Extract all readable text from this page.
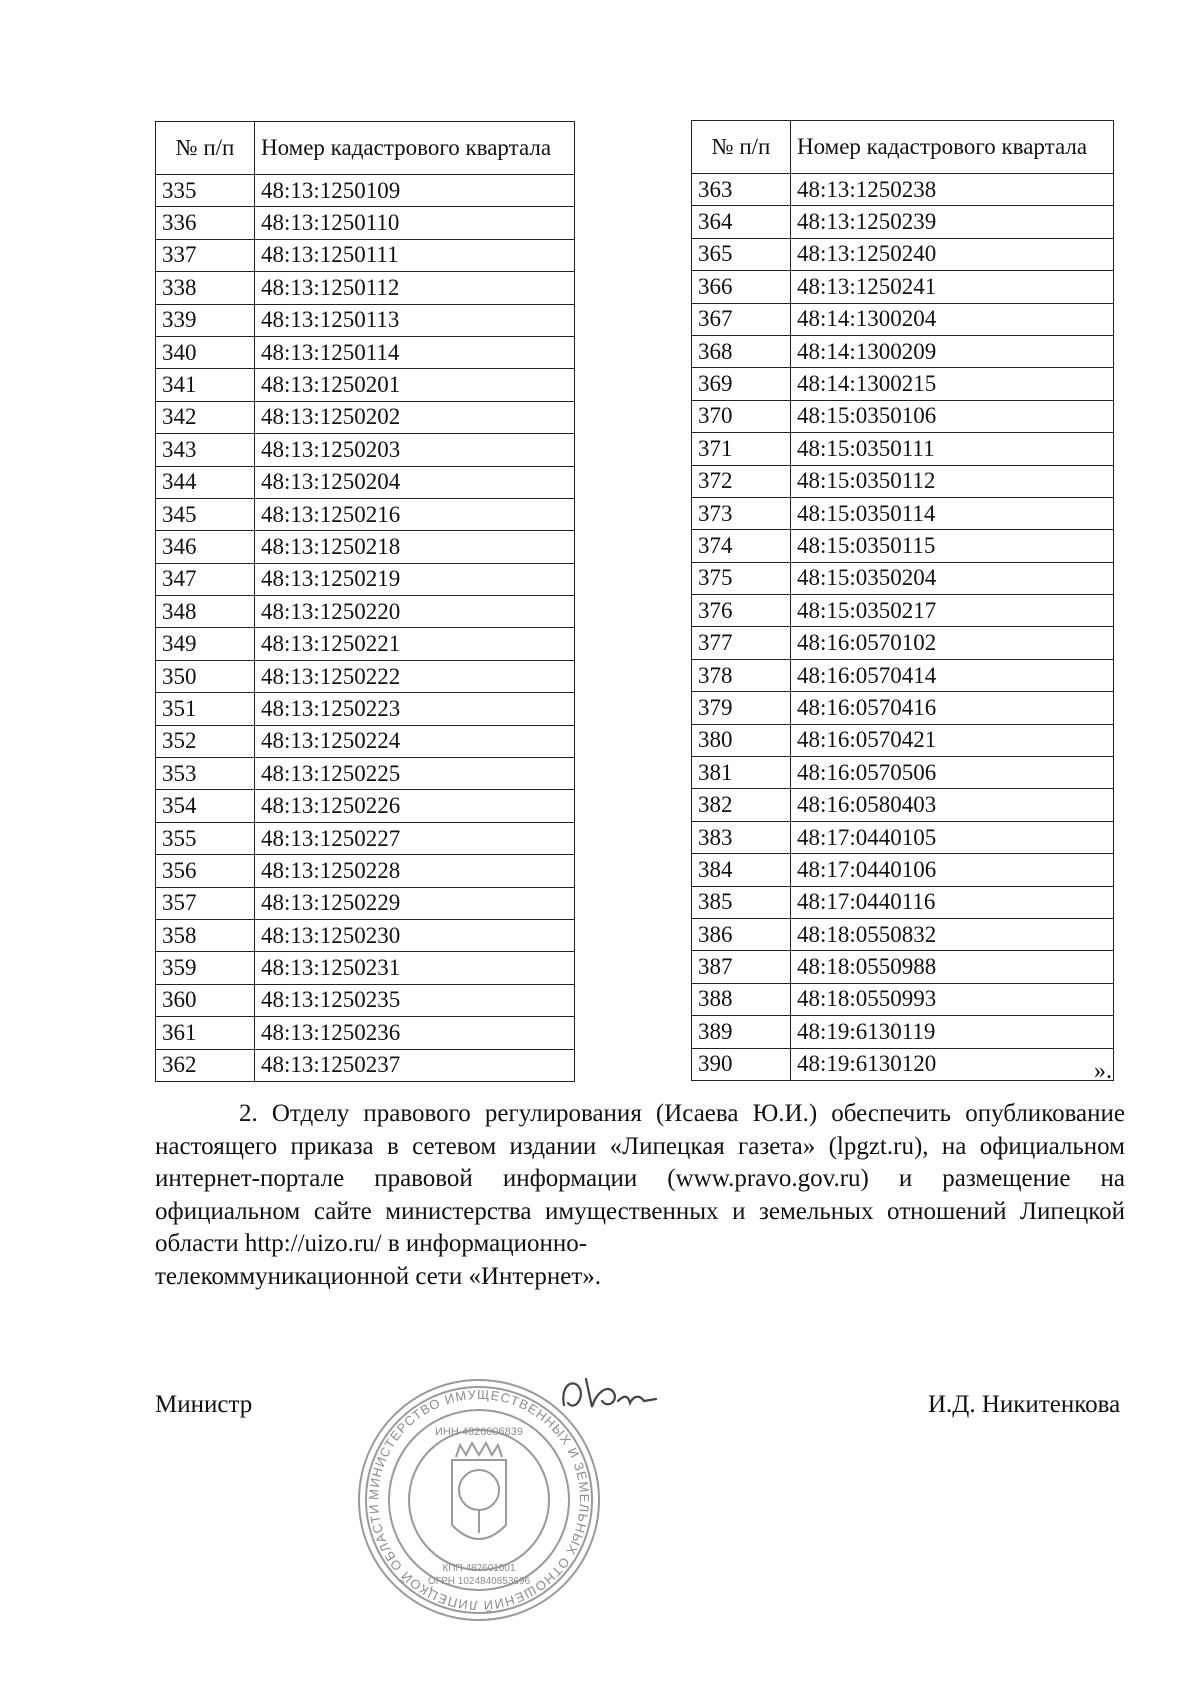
№ п/п	Номер кадастрового квартала
335	48:13:1250109
336	48:13:1250110
337	48:13:1250111
338	48:13:1250112
339	48:13:1250113
340	48:13:1250114
341	48:13:1250201
342	48:13:1250202
343	48:13:1250203
344	48:13:1250204
345	48:13:1250216
346	48:13:1250218
347	48:13:1250219
348	48:13:1250220
349	48:13:1250221
350	48:13:1250222
351	48:13:1250223
352	48:13:1250224
353	48:13:1250225
354	48:13:1250226
355	48:13:1250227
356	48:13:1250228
357	48:13:1250229
358	48:13:1250230
359	48:13:1250231
360	48:13:1250235
361	48:13:1250236
362	48:13:1250237
№ п/п	Номер кадастрового квартала
363	48:13:1250238
364	48:13:1250239
365	48:13:1250240
366	48:13:1250241
367	48:14:1300204
368	48:14:1300209
369	48:14:1300215
370	48:15:0350106
371	48:15:0350111
372	48:15:0350112
373	48:15:0350114
374	48:15:0350115
375	48:15:0350204
376	48:15:0350217
377	48:16:0570102
378	48:16:0570414
379	48:16:0570416
380	48:16:0570421
381	48:16:0570506
382	48:16:0580403
383	48:17:0440105
384	48:17:0440106
385	48:17:0440116
386	48:18:0550832
387	48:18:0550988
388	48:18:0550993
389	48:19:6130119
390	48:19:6130120	».
2. Отделу правового регулирования (Исаева Ю.И.) обеспечить опубликование настоящего приказа в сетевом издании «Липецкая газета» (lpgzt.ru), на официальном интернет-портале правовой информации (www.pravo.gov.ru) и размещение на официальном сайте министерства имущественных и земельных отношений Липецкой области http://uizo.ru/ в информационно-
телекоммуникационной сети «Интернет».
Министр	И.Д. Никитенкова
МИНИСТЕРСТВО ИМУЩЕСТВЕННЫХ И ЗЕМЕЛЬНЫХ ОТНОШЕНИЙ ЛИПЕЦКОЙ ОБЛАСТИ
ИНН 4826006839
КПП 482601001
ОГРН 1024840853696
